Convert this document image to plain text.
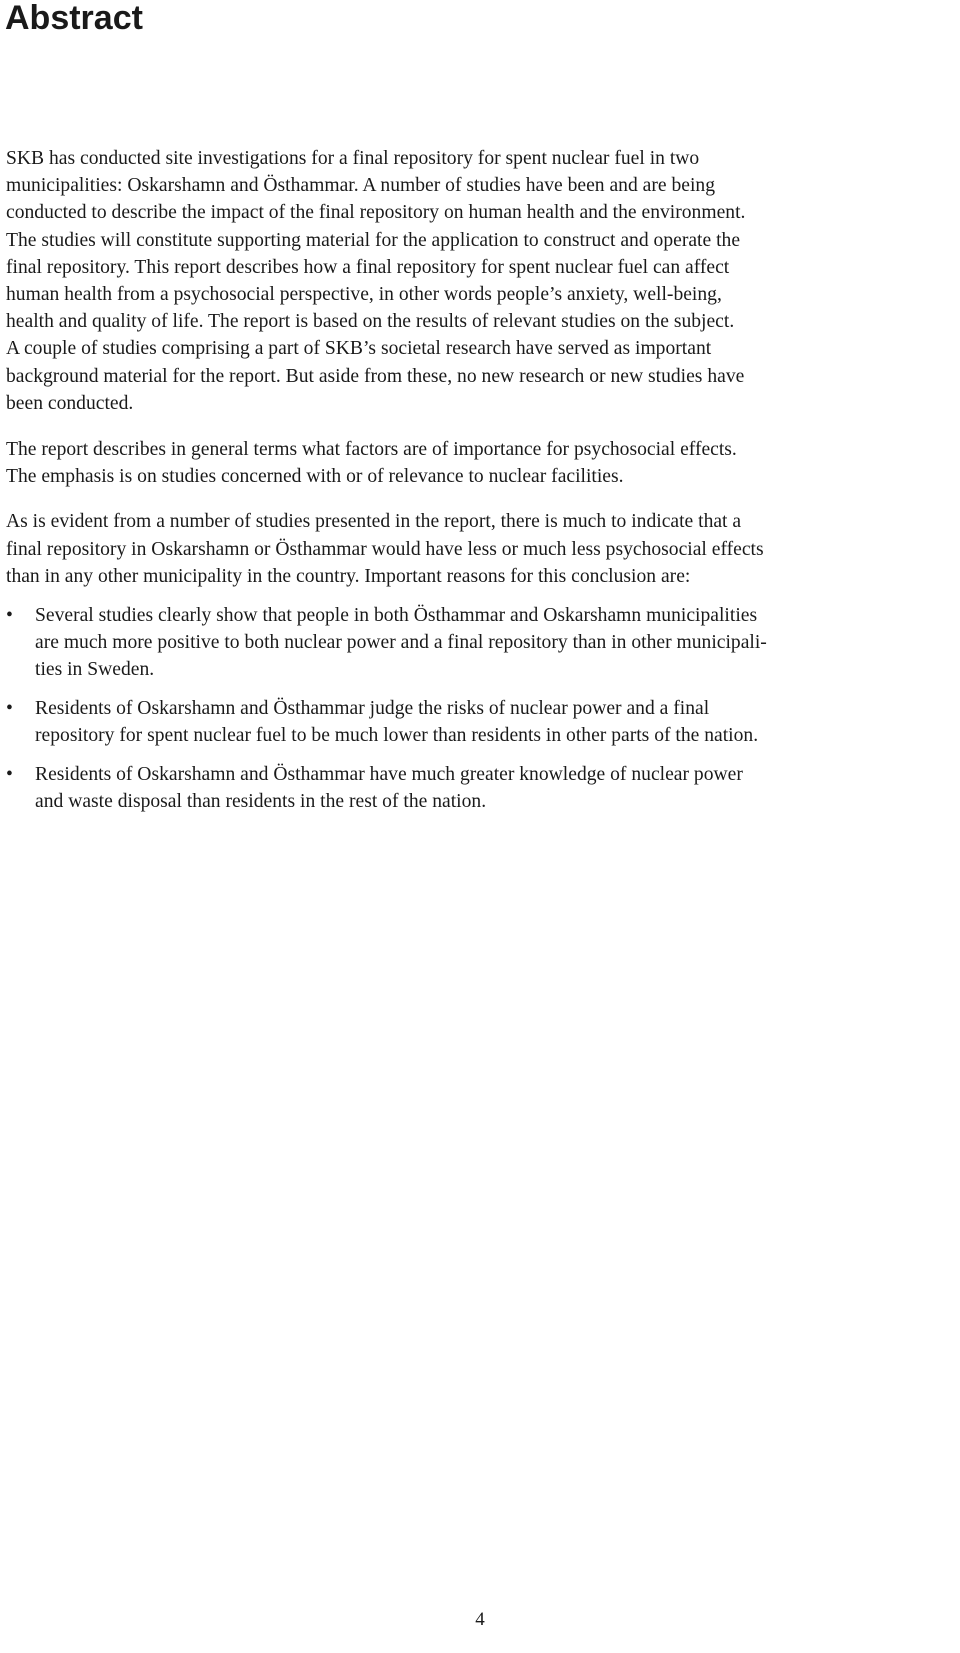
Abstract

SKB has conducted site investigations for a final repository for spent nuclear fuel in two
municipalities: Oskarshamn and Östhammar. A number of studies have been and are being
conducted to describe the impact of the final repository on human health and the environment.
The studies will constitute supporting material for the application to construct and operate the
final repository. This report describes how a final repository for spent nuclear fuel can affect
human health from a psychosocial perspective, in other words people’s anxiety, well-being,
health and quality of life. The report is based on the results of relevant studies on the subject.
A couple of studies comprising a part of SKB’s societal research have served as important
background material for the report. But aside from these, no new research or new studies have
been conducted.

The report describes in general terms what factors are of importance for psychosocial effects.
The emphasis is on studies concerned with or of relevance to nuclear facilities.

As is evident from a number of studies presented in the report, there is much to indicate that a
final repository in Oskarshamn or Östhammar would have less or much less psychosocial effects
than in any other municipality in the country. Important reasons for this conclusion are:

• Several studies clearly show that people in both Östhammar and Oskarshamn municipalities
are much more positive to both nuclear power and a final repository than in other municipali-
ties in Sweden.
• Residents of Oskarshamn and Östhammar judge the risks of nuclear power and a final
repository for spent nuclear fuel to be much lower than residents in other parts of the nation.
• Residents of Oskarshamn and Östhammar have much greater knowledge of nuclear power
and waste disposal than residents in the rest of the nation.
4
